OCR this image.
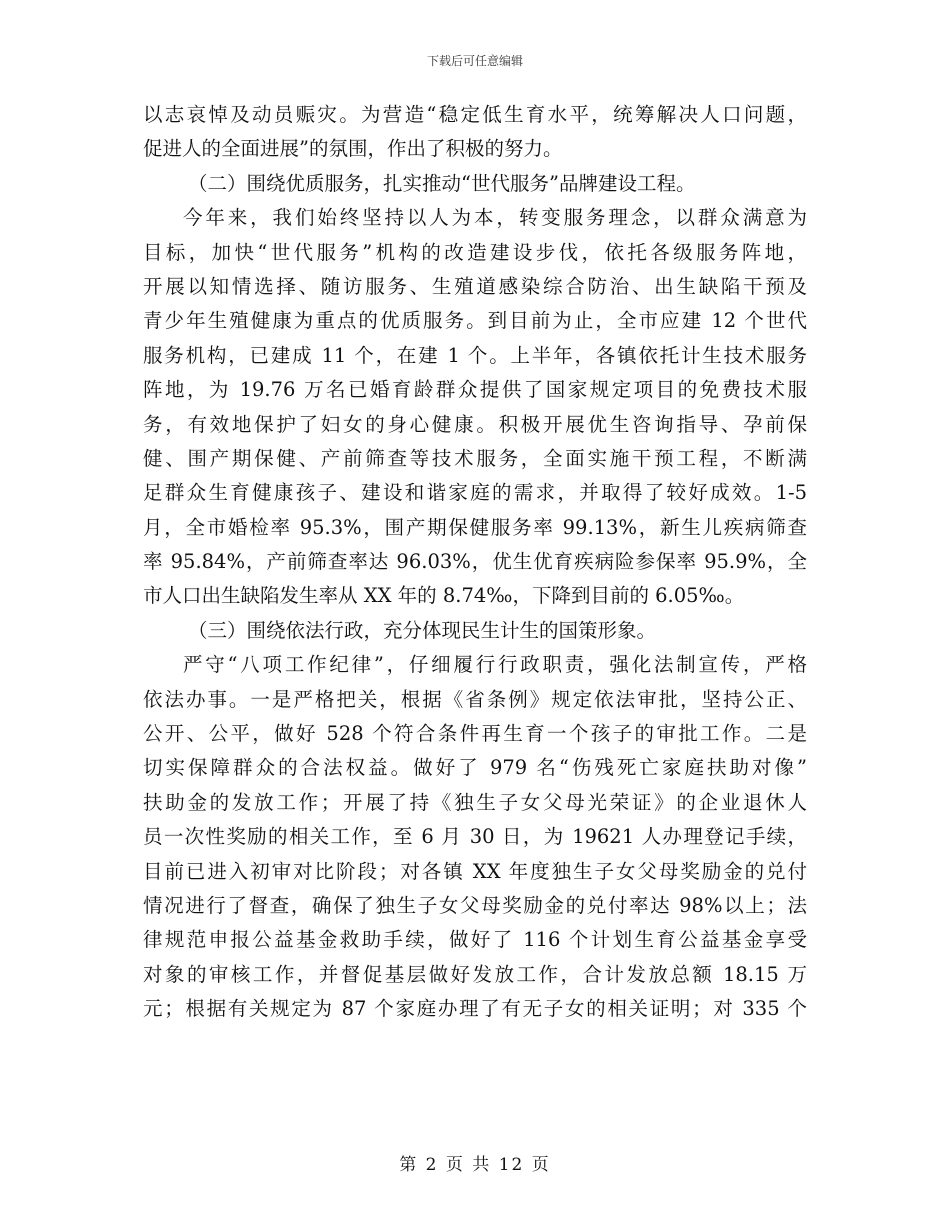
下载后可任意编辑
以志哀悼及动员赈灾。为营造“稳定低生育水平，统筹解决人口问题，
促进人的全面进展”的氛围，作出了积极的努力。
（二）围绕优质服务，扎实推动“世代服务”品牌建设工程。
今年来，我们始终坚持以人为本，转变服务理念，以群众满意为
目标，加快“世代服务”机构的改造建设步伐，依托各级服务阵地，
开展以知情选择、随访服务、生殖道感染综合防治、出生缺陷干预及
青少年生殖健康为重点的优质服务。到目前为止，全市应建 12 个世代
服务机构，已建成 11 个，在建 1 个。上半年，各镇依托计生技术服务
阵地，为 19.76 万名已婚育龄群众提供了国家规定项目的免费技术服
务，有效地保护了妇女的身心健康。积极开展优生咨询指导、孕前保
健、围产期保健、产前筛查等技术服务，全面实施干预工程，不断满
足群众生育健康孩子、建设和谐家庭的需求，并取得了较好成效。1-5
月，全市婚检率 95.3%，围产期保健服务率 99.13%，新生儿疾病筛查
率 95.84%，产前筛查率达 96.03%，优生优育疾病险参保率 95.9%，全
市人口出生缺陷发生率从 XX 年的 8.74‰，下降到目前的 6.05‰。
（三）围绕依法行政，充分体现民生计生的国策形象。
严守“八项工作纪律”，仔细履行行政职责，强化法制宣传，严格
依法办事。一是严格把关，根据《省条例》规定依法审批，坚持公正、
公开、公平，做好 528 个符合条件再生育一个孩子的审批工作。二是
切实保障群众的合法权益。做好了 979 名“伤残死亡家庭扶助对像”
扶助金的发放工作；开展了持《独生子女父母光荣证》的企业退休人
员一次性奖励的相关工作，至 6 月 30 日，为 19621 人办理登记手续，
目前已进入初审对比阶段；对各镇 XX 年度独生子女父母奖励金的兑付
情况进行了督查，确保了独生子女父母奖励金的兑付率达 98%以上；法
律规范申报公益基金救助手续，做好了 116 个计划生育公益基金享受
对象的审核工作，并督促基层做好发放工作，合计发放总额 18.15 万
元；根据有关规定为 87 个家庭办理了有无子女的相关证明；对 335 个
第 2 页 共 12 页
